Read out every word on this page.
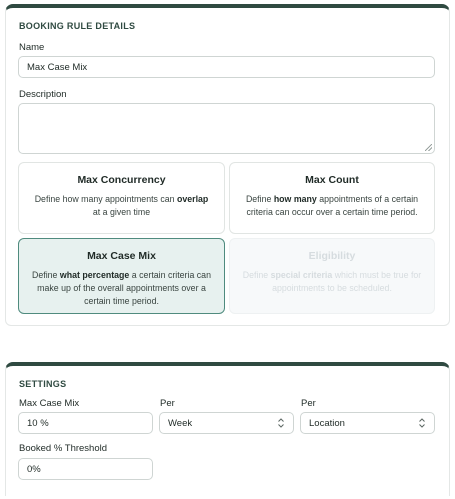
BOOKING RULE DETAILS
Name
Max Case Mix
Description
Max Concurrency
Define how many appointments can overlap at a given time
Max Count
Define how many appointments of a certain criteria can occur over a certain time period.
Max Case Mix
Define what percentage a certain criteria can make up of the overall appointments over a certain time period.
Eligibility
Define special criteria which must be true for appointments to be scheduled.
SETTINGS
Max Case Mix
10 %	Per
Week
Per
Location
Booked % Threshold
0%
